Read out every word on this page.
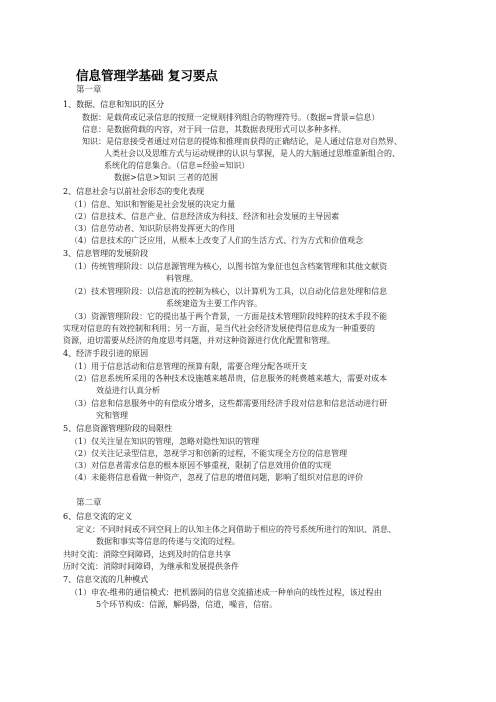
信息管理学基础 复习要点
第一章
1、数据、信息和知识的区分
数据：是载荷或记录信息的按照一定规则排列组合的物理符号。（数据=背景=信息）
信息：是数据荷载的内容，对于同一信息，其数据表现形式可以多种多样。
知识：是信息接受者通过对信息的提炼和推理而获得的正确结论，是人通过信息对自然界、
人类社会以及思维方式与运动规律的认识与掌握，是人的大脑通过思维重新组合的、
系统化的信息集合。（信息=经验=知识）
数据>信息>知识 三者的范围
2、信息社会与以前社会形态的变化表现
（1）信息、知识和智能是社会发展的决定力量
（2）信息技术、信息产业、信息经济成为科技、经济和社会发展的主导因素
（3）信息劳动者、知识阶层将发挥更大的作用
（4）信息技术的广泛应用，从根本上改变了人们的生活方式、行为方式和价值观念
3、信息管理的发展阶段
（1）传统管理阶段：以信息源管理为核心，以图书馆为象征也包含档案管理和其他文献资
料管理。
（2）技术管理阶段：以信息流的控制为核心，以计算机为工具，以自动化信息处理和信息
系统建造为主要工作内容。
（3）资源管理阶段：它的提出基于两个背景，一方面是技术管理阶段纯粹的技术手段不能
实现对信息的有效控制和利用；另一方面，是当代社会经济发展使得信息成为一种重要的
资源，迫切需要从经济的角度思考问题，并对这种资源进行优化配置和管理。
4、经济手段引进的原因
（1）用于信息活动和信息管理的预算有限，需要合理分配各项开支
（2）信息系统所采用的各种技术设施越来越昂贵，信息服务的耗费越来越大，需要对成本
效益进行认真分析
（3）信息和信息服务中的有偿成分增多，这些都需要用经济手段对信息和信息活动进行研
究和管理
5、信息资源管理阶段的局限性
（1）仅关注显在知识的管理，忽略对隐性知识的管理
（2）仅关注记录型信息，忽视学习和创新的过程，不能实现全方位的信息管理
（3）对信息者需求信息的根本原因不够重视，限制了信息效用价值的实现
（4）未能将信息看做一种资产，忽视了信息的增值问题，影响了组织对信息的评价
第二章
6、信息交流的定义
定义：不同时间或不同空间上的认知主体之间借助于相应的符号系统所进行的知识、消息、
数据和事实等信息的传递与交流的过程。
共时交流：消除空间障碍，达到及时的信息共享
历时交流：消除时间障碍，为继承和发展提供条件
7、信息交流的几种模式
（1）申农-维弗的通信模式：把机器间的信息交流描述成一种单向的线性过程，该过程由
5个环节构成：信源，解码器，信道，噪音，信宿。
